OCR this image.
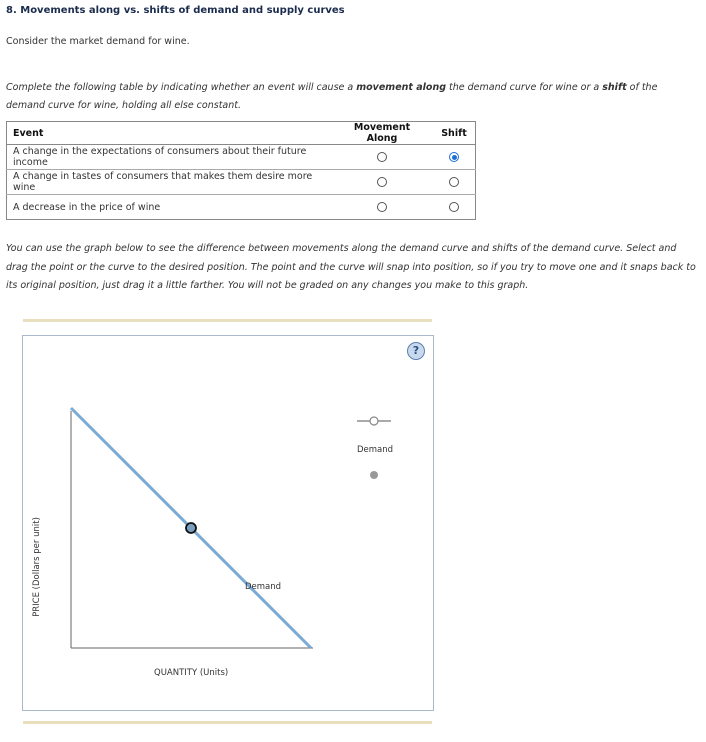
8. Movements along vs. shifts of demand and supply curves
Consider the market demand for wine.
Complete the following table by indicating whether an event will cause a movement along the demand curve for wine or a shift of the demand curve for wine, holding all else constant.
Event	Movement Along	Shift
A change in the expectations of consumers about their future income		
A change in tastes of consumers that makes them desire more wine		
A decrease in the price of wine		
You can use the graph below to see the difference between movements along the demand curve and shifts of the demand curve. Select and drag the point or the curve to the desired position. The point and the curve will snap into position, so if you try to move one and it snaps back to its original position, just drag it a little farther. You will not be graded on any changes you make to this graph.
?
PRICE (Dollars per unit)
QUANTITY (Units)
Demand
Demand
